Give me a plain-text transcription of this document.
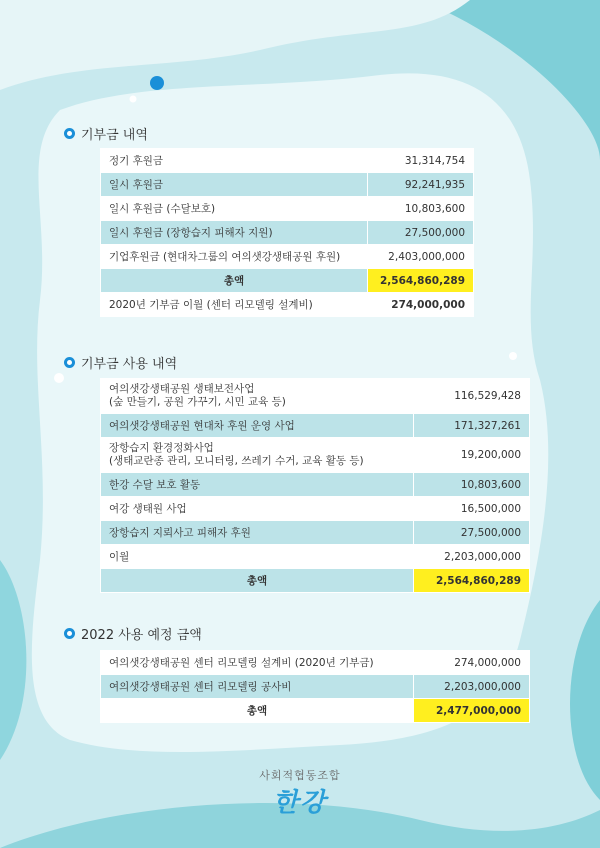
기부금 내역
정기 후원금	31,314,754
일시 후원금	92,241,935
일시 후원금 (수달보호)	10,803,600
일시 후원금 (장항습지 피해자 지원)	27,500,000
기업후원금 (현대차그룹의 여의샛강생태공원 후원)	2,403,000,000
총액	2,564,860,289
2020년 기부금 이월 (센터 리모델링 설계비)	274,000,000
기부금 사용 내역
여의샛강생태공원 생태보전사업
(숲 만들기, 공원 가꾸기, 시민 교육 등)	116,529,428
여의샛강생태공원 현대차 후원 운영 사업	171,327,261

장항습지 환경정화사업
(생태교란종 관리, 모니터링, 쓰레기 수거, 교육 활동 등)	19,200,000
한강 수달 보호 활동	10,803,600
여강 생태원 사업	16,500,000
장항습지 지뢰사고 피해자 후원	27,500,000
이월	2,203,000,000
총액	2,564,860,289
2022 사용 예정 금액
여의샛강생태공원 센터 리모델링 설계비 (2020년 기부금)	274,000,000
여의샛강생태공원 센터 리모델링 공사비	2,203,000,000
총액	2,477,000,000
사회적협동조합
한강
